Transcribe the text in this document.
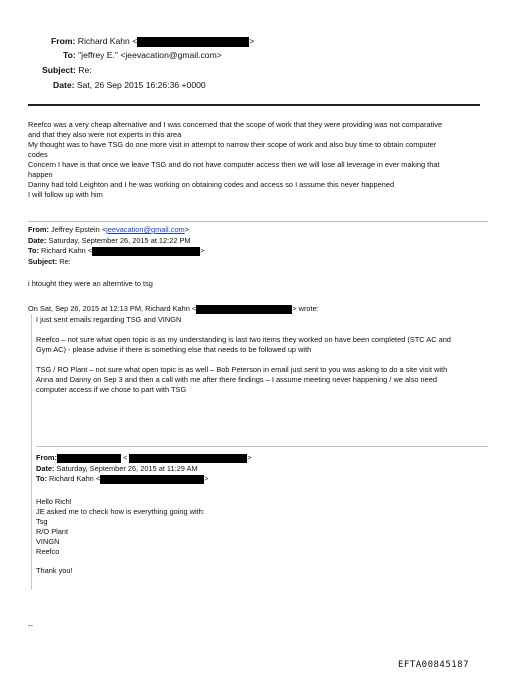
From: Richard Kahn <	>
To: "jeffrey E." <jeevacation@gmail.com>
Subject: Re:
Date: Sat, 26 Sep 2015 16:26:36 +0000
Reefco was a very cheap alternative and I was concerned that the scope of work that they were providing was not comparative
and that they also were not experts in this area
My thought was to have TSG do one more visit in attempt to narrow their scope of work and also buy time to obtain computer
codes
Concern I have is that once we leave TSG and do not have computer access then we will lose all leverage in ever making that
happen
Danny had told Leighton and I he was working on obtaining codes and access so I assume this never happened
I will follow up with him
From: Jeffrey Epstein <jeevacation@gmail.com>
Date: Saturday, September 26, 2015 at 12:22 PM
To: Richard Kahn <	>
Subject: Re:
i htought they were an alterntive to tsg
On Sat, Sep 26, 2015 at 12:13 PM, Richard Kahn <	> wrote:
I just sent emails regarding TSG and VINGN
Reefco – not sure what open topic is as my understanding is last two items they worked on have been completed (STC AC and
Gym AC) - please advise if there is something else that needs to be followed up with
TSG / RO Plant – not sure what open topic is as well – Bob Peterson in email just sent to you was asking to do a site visit with
Anna and Danny on Sep 3 and then a call with me after there findings – I assume meeting never happening / we also need
computer access if we chose to part with TSG
From:	<	>
Date: Saturday, September 26, 2015 at 11:29 AM
To: Richard Kahn <	>
Hello Rich!
JE asked me to check how is everything going with:
Tsg
R/O Plant
VINGN
Reefco
Thank you!
--
EFTA00845187
